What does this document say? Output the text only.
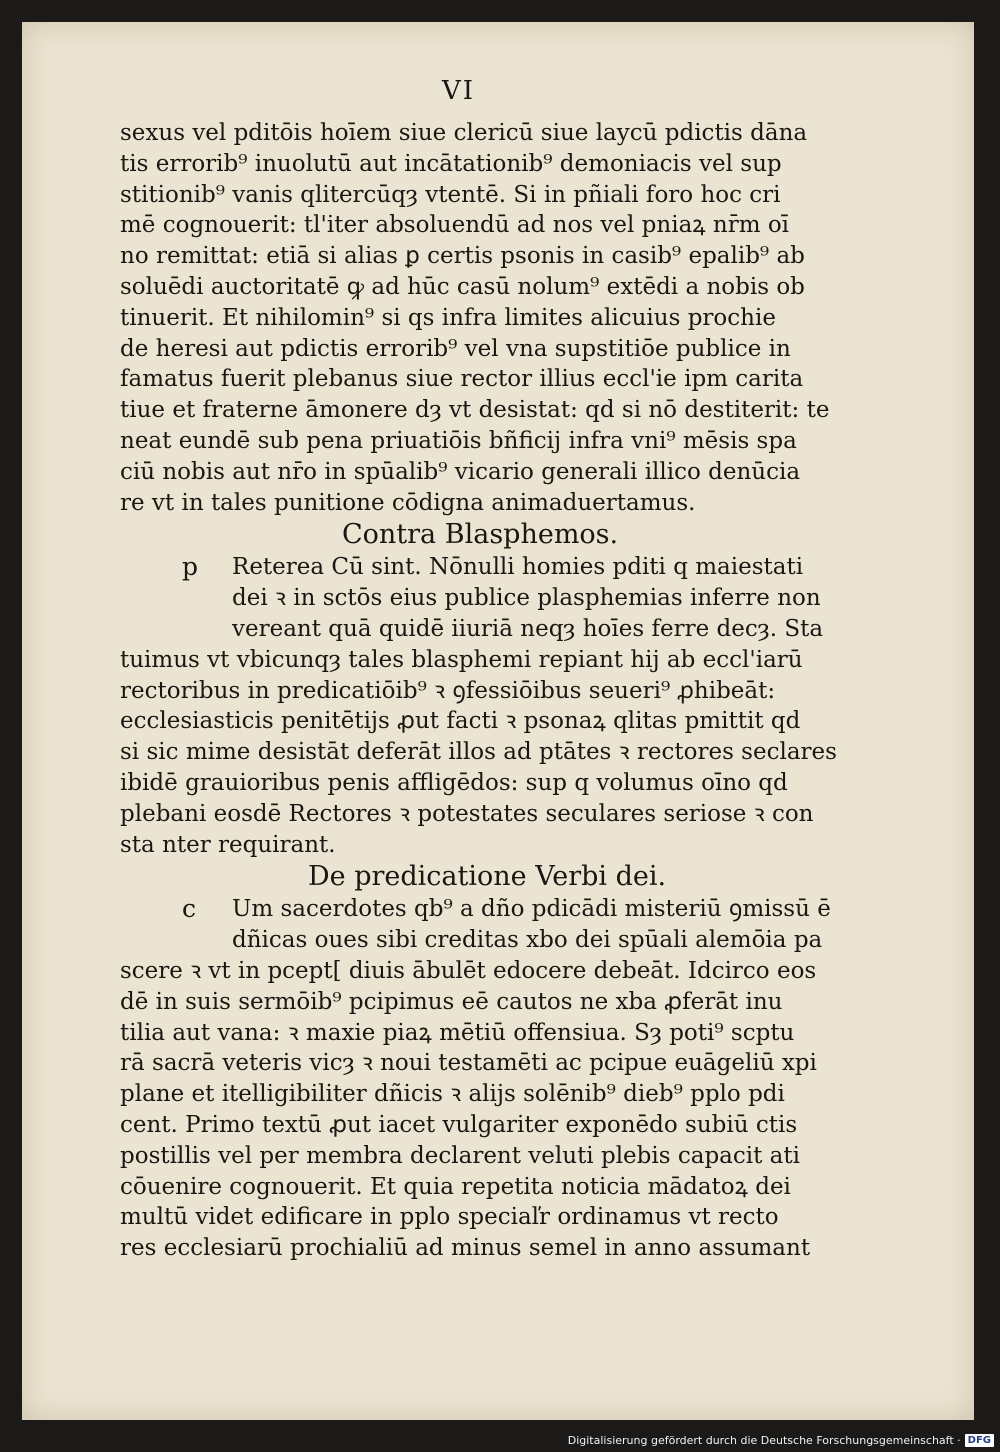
VI
sexus vel pditōis hoīem siue clericū siue laycū pdictis dāna
tis errorib⁹ inuolutū aut incātationib⁹ demoniacis vel sup
stitionib⁹ vanis qlitercūqȝ vtentē. Si in pñiali foro hoc cri
mē cognouerit: tl'iter absoluendū ad nos vel pniaꝝ nr̄m oī
no remittat: etiā si alias ꝑ certis psonis in casib⁹ epalib⁹ ab
soluēdi auctoritatē ꝙ ad hūc casū nolum⁹ extēdi a nobis ob
tinuerit. Et nihilomin⁹ si qs infra limites alicuius prochie
de heresi aut pdictis errorib⁹ vel vna supstitiōe publice in
famatus fuerit plebanus siue rector illius eccl'ie ipm carita
tiue et fraterne āmonere dȝ vt desistat: qd si nō destiterit: te
neat eundē sub pena priuatiōis bñficij infra vni⁹ mēsis spa
ciū nobis aut nr̄o in spūalib⁹ vicario generali illico denūcia
re vt in tales punitione cōdigna animaduertamus.
Contra Blasphemos.
p Reterea Cū sint. Nōnulli homies pditi q maiestati
dei ꝛ in sctōs eius publice plasphemias inferre non
vereant quā quidē iiuriā neqȝ hoīes ferre decȝ. Sta
tuimus vt vbicunqȝ tales blasphemi repiant hij ab eccl'iarū
rectoribus in predicatiōib⁹ ꝛ ꝯfessiōibus seueri⁹ ꝓhibeāt:
ecclesiasticis penitētijs ꝓut facti ꝛ psonaꝝ qlitas pmittit qd
si sic mime desistāt deferāt illos ad ptātes ꝛ rectores seclares
ibidē grauioribus penis affligēdos: sup q volumus oīno qd
plebani eosdē Rectores ꝛ potestates seculares seriose ꝛ con
sta nter requirant.
De predicatione Verbi dei.
c Um sacerdotes qb⁹ a dño pdicādi misteriū ꝯmissū ē
dñicas oues sibi creditas xbo dei spūali alemōia pa
scere ꝛ vt in pcept[ diuis ābulēt edocere debeāt. Idcirco eos
dē in suis sermōib⁹ pcipimus eē cautos ne xba ꝓferāt inu
tilia aut vana: ꝛ maxie piaꝝ mētiū offensiua. Sȝ poti⁹ scptu
rā sacrā veteris vicȝ ꝛ noui testamēti ac pcipue euāgeliū xpi
plane et itelligibiliter dñicis ꝛ alijs solēnib⁹ dieb⁹ pplo pdi
cent. Primo textū ꝓut iacet vulgariter exponēdo subiū ctis
postillis vel per membra declarent veluti plebis capacit ati
cōuenire cognouerit. Et quia repetita noticia mādatoꝝ dei
multū videt edificare in pplo speciaľr ordinamus vt recto
res ecclesiarū prochialiū ad minus semel in anno assumant
Digitalisierung gefördert durch die Deutsche Forschungsgemeinschaft · DFG
